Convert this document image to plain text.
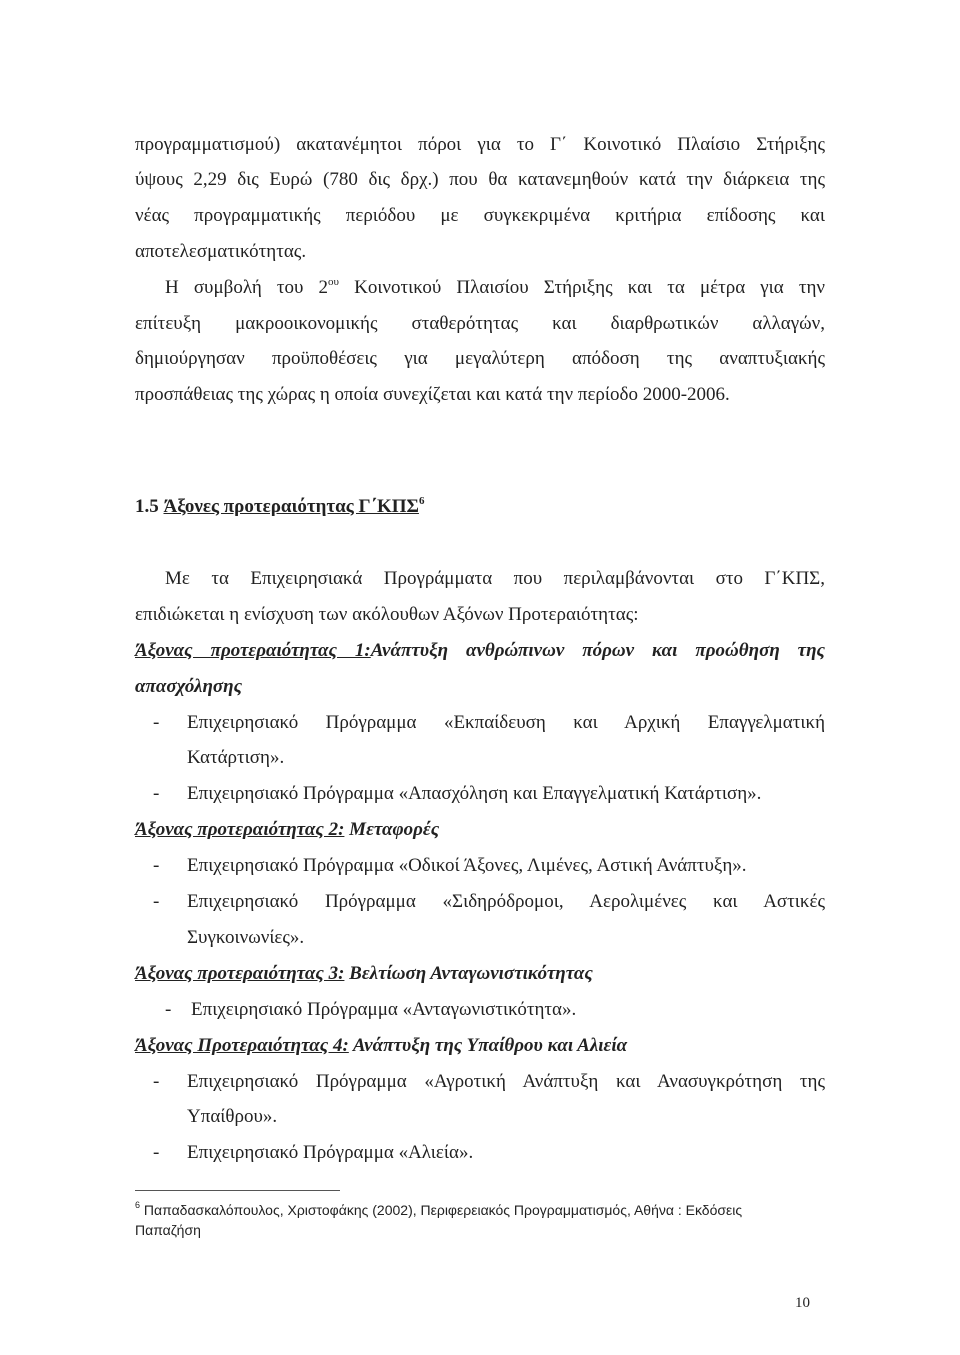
προγραμματισμού) ακατανέμητοι πόροι για το Γ΄ Κοινοτικό Πλαίσιο Στήριξης
ύψους 2,29 δις Ευρώ (780 δις δρχ.) που θα κατανεμηθούν κατά την διάρκεια της
νέας προγραμματικής περιόδου με συγκεκριμένα κριτήρια επίδοσης και
αποτελεσματικότητας.
Η συμβολή του $2^{o\upsilon}$ Κοινοτικού Πλαισίου Στήριξης και τα μέτρα για την
επίτευξη μακροοικονομικής σταθερότητας και διαρθρωτικών αλλαγών,
δημιούργησαν προϋποθέσεις για μεγαλύτερη απόδοση της αναπτυξιακής
προσπάθειας της χώρας η οποία συνεχίζεται και κατά την περίοδο 2000-2006.
1.5 Άξονες προτεραιότητας Γ΄ΚΠΣ$^6$
Με τα Επιχειρησιακά Προγράμματα που περιλαμβάνονται στο Γ΄ΚΠΣ,
επιδιώκεται η ενίσχυση των ακόλουθων Αξόνων Προτεραιότητας:
Άξονας προτεραιότητας 1:Ανάπτυξη ανθρώπινων πόρων και προώθηση της
απασχόλησης
- Επιχειρησιακό Πρόγραμμα «Εκπαίδευση και Αρχική Επαγγελματική
Κατάρτιση».
- Επιχειρησιακό Πρόγραμμα «Απασχόληση και Επαγγελματική Κατάρτιση».
Άξονας προτεραιότητας 2: Μεταφορές
- Επιχειρησιακό Πρόγραμμα «Οδικοί Άξονες, Λιμένες, Αστική Ανάπτυξη».
- Επιχειρησιακό Πρόγραμμα «Σιδηρόδρομοι, Αερολιμένες και Αστικές
Συγκοινωνίες».
Άξονας προτεραιότητας 3: Βελτίωση Ανταγωνιστικότητας
- Επιχειρησιακό Πρόγραμμα «Ανταγωνιστικότητα».
Άξονας Προτεραιότητας 4: Ανάπτυξη της Υπαίθρου και Αλιεία
- Επιχειρησιακό Πρόγραμμα «Αγροτική Ανάπτυξη και Ανασυγκρότηση της
Υπαίθρου».
- Επιχειρησιακό Πρόγραμμα «Αλιεία».
$^6$ Παπαδασκαλόπουλος, Χριστοφάκης (2002), Περιφερειακός Προγραμματισμός, Αθήνα : Εκδόσεις
Παπαζήση
10
